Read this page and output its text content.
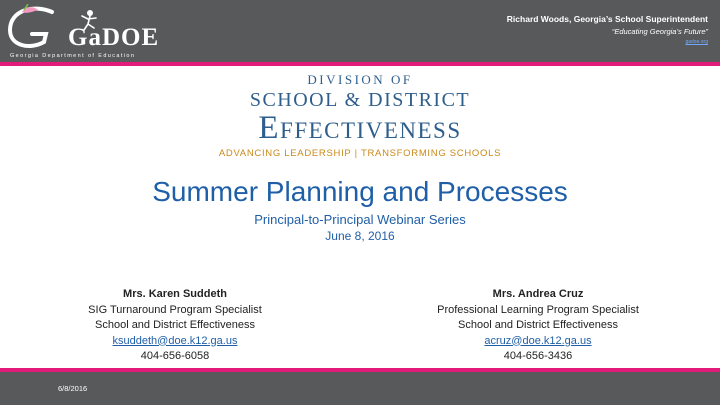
GaDOE
Georgia Department of Education
Richard Woods, Georgia’s School Superintendent
“Educating Georgia’s Future”
gadoe.org
DIVISION OF
SCHOOL & DISTRICT
Effectiveness
ADVANCING LEADERSHIP | TRANSFORMING SCHOOLS
Summer Planning and Processes
Principal-to-Principal Webinar Series
June 8, 2016
Mrs. Karen Suddeth
SIG Turnaround Program Specialist
School and District Effectiveness
ksuddeth@doe.k12.ga.us
404-656-6058
Mrs. Andrea Cruz
Professional Learning Program Specialist
School and District Effectiveness
acruz@doe.k12.ga.us
404-656-3436
6/8/2016
